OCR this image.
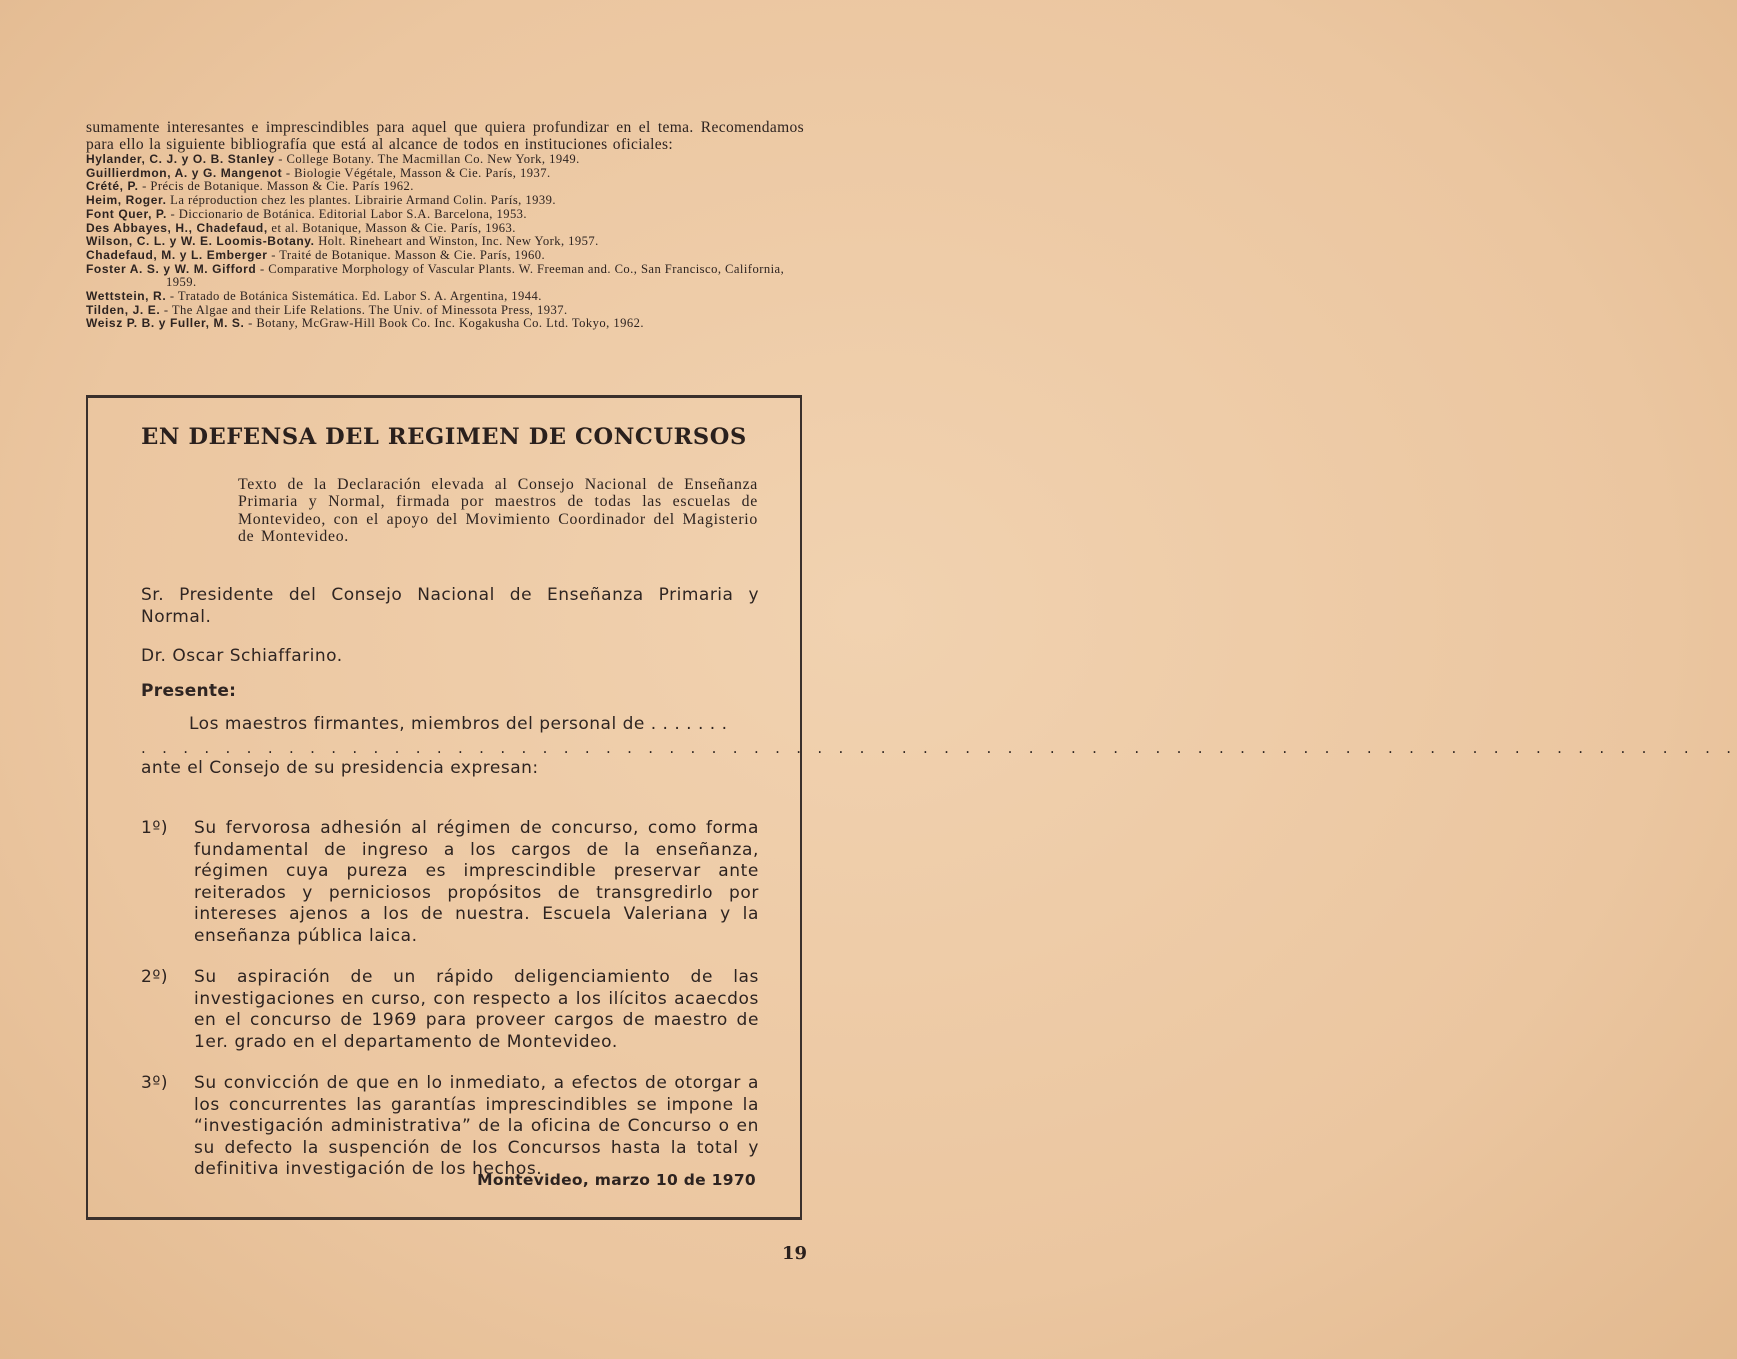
sumamente interesantes e imprescindibles para aquel que quiera profundizar en el tema. Recomendamos para ello la siguiente bibliografía que está al alcance de todos en instituciones oficiales:

Hylander, C. J. y O. B. Stanley - College Botany. The Macmillan Co. New York, 1949.
Guillierdmon, A. y G. Mangenot - Biologie Végétale, Masson & Cie. París, 1937.
Crété, P. - Précis de Botanique. Masson & Cie. París 1962.
Heim, Roger. La réproduction chez les plantes. Librairie Armand Colin. París, 1939.
Font Quer, P. - Diccionario de Botánica. Editorial Labor S.A. Barcelona, 1953.
Des Abbayes, H., Chadefaud, et al. Botanique, Masson & Cie. París, 1963.
Wilson, C. L. y W. E. Loomis-Botany. Holt. Rineheart and Winston, Inc. New York, 1957.
Chadefaud, M. y L. Emberger - Traité de Botanique. Masson & Cie. París, 1960.
Foster A. S. y W. M. Gifford - Comparative Morphology of Vascular Plants. W. Freeman and. Co., San Francisco, California, 1959.
Wettstein, R. - Tratado de Botánica Sistemática. Ed. Labor S. A. Argentina, 1944.
Tilden, J. E. - The Algae and their Life Relations. The Univ. of Minessota Press, 1937.
Weisz P. B. y Fuller, M. S. - Botany, McGraw-Hill Book Co. Inc. Kogakusha Co. Ltd. Tokyo, 1962.
EN DEFENSA DEL REGIMEN DE CONCURSOS

Texto de la Declaración elevada al Consejo Nacional de Enseñanza Primaria y Normal, firmada por maestros de todas las escuelas de Montevideo, con el apoyo del Movimiento Coordinador del Magisterio de Montevideo.

Sr. Presidente del Consejo Nacional de Enseñanza Primaria y Normal.

Dr. Oscar Schiaffarino.

Presente:

Los maestros firmantes, miembros del personal de . . . . . . .

. . . . . . . . . . . . . . . . . . . . . . . . . . . . . . . . . . . . . . . . . . . . . . . . . . . . . . . . . . . . . . . . . . . . . . . . . . . .

ante el Consejo de su presidencia expresan:

1º)	Su fervorosa adhesión al régimen de concurso, como forma fundamental de ingreso a los cargos de la enseñanza, régimen cuya pureza es imprescindible preservar ante reiterados y perniciosos propósitos de transgredirlo por intereses ajenos a los de nuestra. Escuela Valeriana y la enseñanza pública laica.

2º)	Su aspiración de un rápido deligenciamiento de las investigaciones en curso, con respecto a los ilícitos acaecdos en el concurso de 1969 para proveer cargos de maestro de 1er. grado en el departamento de Montevideo.

3º)	Su convicción de que en lo inmediato, a efectos de otorgar a los concurrentes las garantías imprescindibles se impone la “investigación administrativa” de la oficina de Concurso o en su defecto la suspención de los Concursos hasta la total y definitiva investigación de los hechos.

Montevideo, marzo 10 de 1970

19
